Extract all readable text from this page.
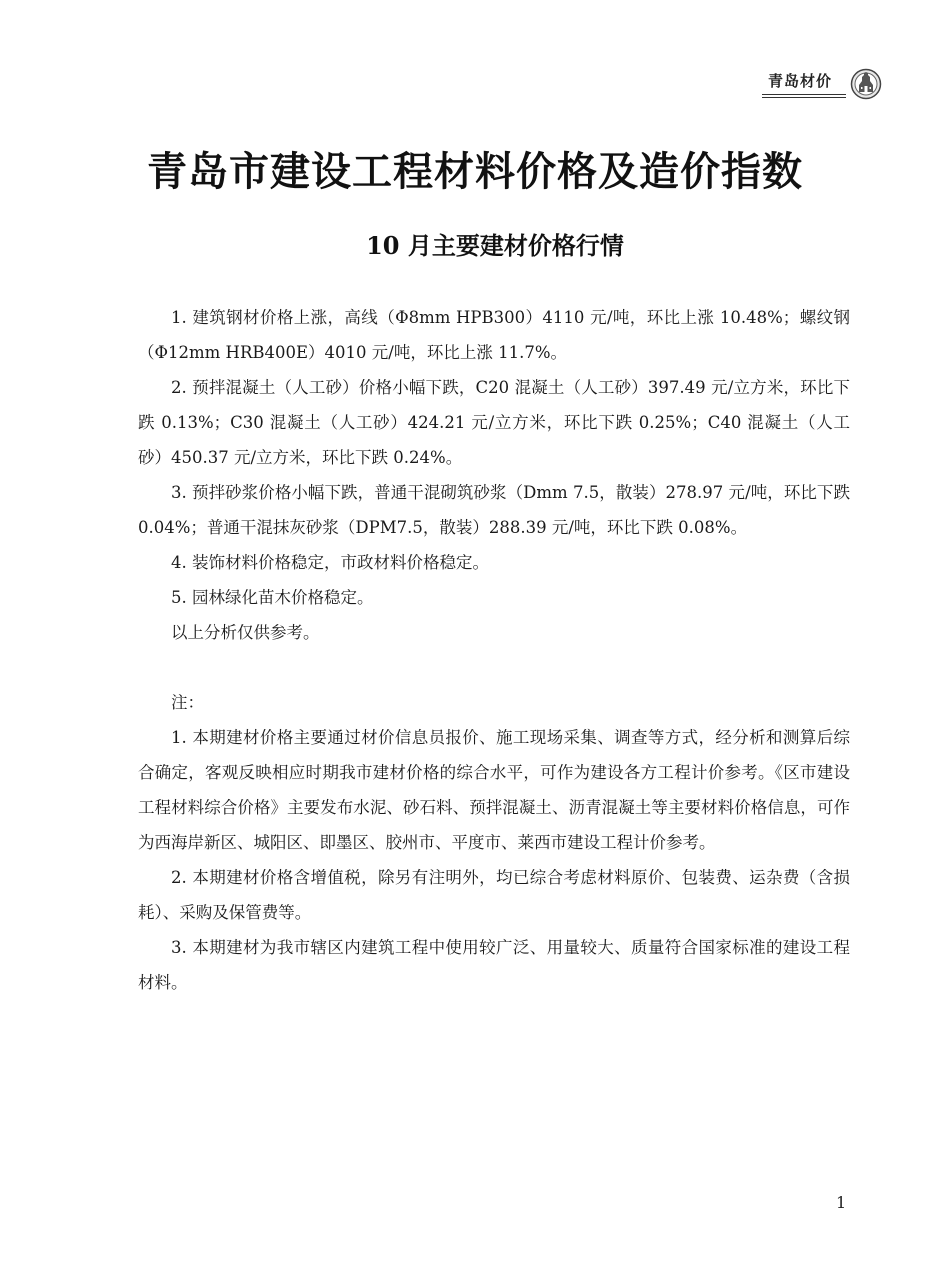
青岛材价
青岛市建设工程材料价格及造价指数
10 月主要建材价格行情

1. 建筑钢材价格上涨，高线（Φ8mm HPB300）4110 元/吨，环比上涨 10.48%；螺纹钢（Φ12mm HRB400E）4010 元/吨，环比上涨 11.7%。

2. 预拌混凝土（人工砂）价格小幅下跌，C20 混凝土（人工砂）397.49 元/立方米，环比下跌 0.13%；C30 混凝土（人工砂）424.21 元/立方米，环比下跌 0.25%；C40 混凝土（人工砂）450.37 元/立方米，环比下跌 0.24%。

3. 预拌砂浆价格小幅下跌，普通干混砌筑砂浆（Dmm 7.5，散装）278.97 元/吨，环比下跌 0.04%；普通干混抹灰砂浆（DPM7.5，散装）288.39 元/吨，环比下跌 0.08%。

4. 装饰材料价格稳定，市政材料价格稳定。

5. 园林绿化苗木价格稳定。

以上分析仅供参考。

注：

1. 本期建材价格主要通过材价信息员报价、施工现场采集、调查等方式，经分析和测算后综合确定，客观反映相应时期我市建材价格的综合水平，可作为建设各方工程计价参考。《区市建设工程材料综合价格》主要发布水泥、砂石料、预拌混凝土、沥青混凝土等主要材料价格信息，可作为西海岸新区、城阳区、即墨区、胶州市、平度市、莱西市建设工程计价参考。

2. 本期建材价格含增值税，除另有注明外，均已综合考虑材料原价、包装费、运杂费（含损耗）、采购及保管费等。

3. 本期建材为我市辖区内建筑工程中使用较广泛、用量较大、质量符合国家标准的建设工程材料。

1
